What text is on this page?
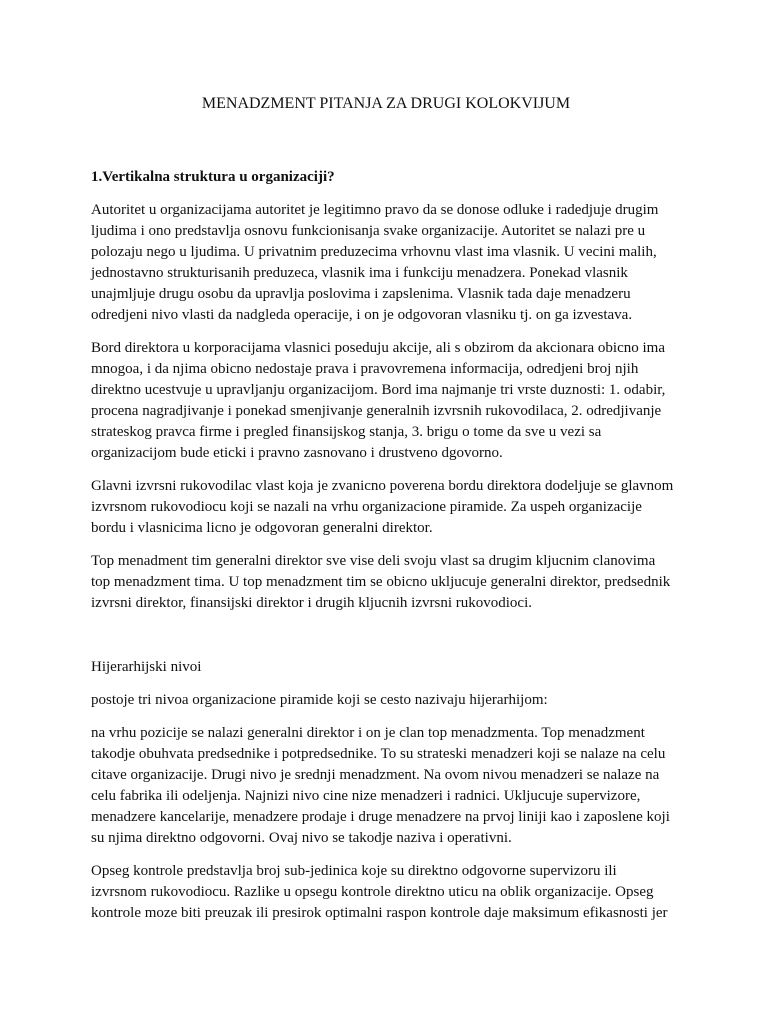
MENADZMENT PITANJA ZA DRUGI KOLOKVIJUM
1.Vertikalna struktura u organizaciji?

Autoritet u organizacijama autoritet je legitimno pravo da se donose odluke i radedjuje drugim
ljudima i ono predstavlja osnovu funkcionisanja svake organizacije. Autoritet se nalazi pre u
polozaju nego u ljudima. U privatnim preduzecima vrhovnu vlast ima vlasnik. U vecini malih,
jednostavno strukturisanih preduzeca, vlasnik ima i funkciju menadzera. Ponekad vlasnik
unajmljuje drugu osobu da upravlja poslovima i zapslenima. Vlasnik tada daje menadzeru
odredjeni nivo vlasti da nadgleda operacije, i on je odgovoran vlasniku tj. on ga izvestava.

Bord direktora u korporacijama vlasnici poseduju akcije, ali s obzirom da akcionara obicno ima
mnogoa, i da njima obicno nedostaje prava i pravovremena informacija, odredjeni broj njih
direktno ucestvuje u upravljanju organizacijom. Bord ima najmanje tri vrste duznosti: 1. odabir,
procena nagradjivanje i ponekad smenjivanje generalnih izvrsnih rukovodilaca, 2. odredjivanje
strateskog pravca firme i pregled finansijskog stanja, 3. brigu o tome da sve u vezi sa
organizacijom bude eticki i pravno zasnovano i drustveno dgovorno.

Glavni izvrsni rukovodilac vlast koja je zvanicno poverena bordu direktora dodeljuje se glavnom
izvrsnom rukovodiocu koji se nazali na vrhu organizacione piramide. Za uspeh organizacije
bordu i vlasnicima licno je odgovoran generalni direktor.

Top menadment tim generalni direktor sve vise deli svoju vlast sa drugim kljucnim clanovima
top menadzment tima. U top menadzment tim se obicno ukljucuje generalni direktor, predsednik
izvrsni direktor, finansijski direktor i drugih kljucnih izvrsni rukovodioci.

Hijerarhijski nivoi

postoje tri nivoa organizacione piramide koji se cesto nazivaju hijerarhijom:

na vrhu pozicije se nalazi generalni direktor i on je clan top menadzmenta. Top menadzment
takodje obuhvata predsednike i potpredsednike. To su strateski menadzeri koji se nalaze na celu
citave organizacije. Drugi nivo je srednji menadzment. Na ovom nivou menadzeri se nalaze na
celu fabrika ili odeljenja. Najnizi nivo cine nize menadzeri i radnici. Ukljucuje supervizore,
menadzere kancelarije, menadzere prodaje i druge menadzere na prvoj liniji kao i zaposlene koji
su njima direktno odgovorni. Ovaj nivo se takodje naziva i operativni.

Opseg kontrole predstavlja broj sub-jedinica koje su direktno odgovorne supervizoru ili
izvrsnom rukovodiocu. Razlike u opsegu kontrole direktno uticu na oblik organizacije. Opseg
kontrole moze biti preuzak ili presirok optimalni raspon kontrole daje maksimum efikasnosti jer
